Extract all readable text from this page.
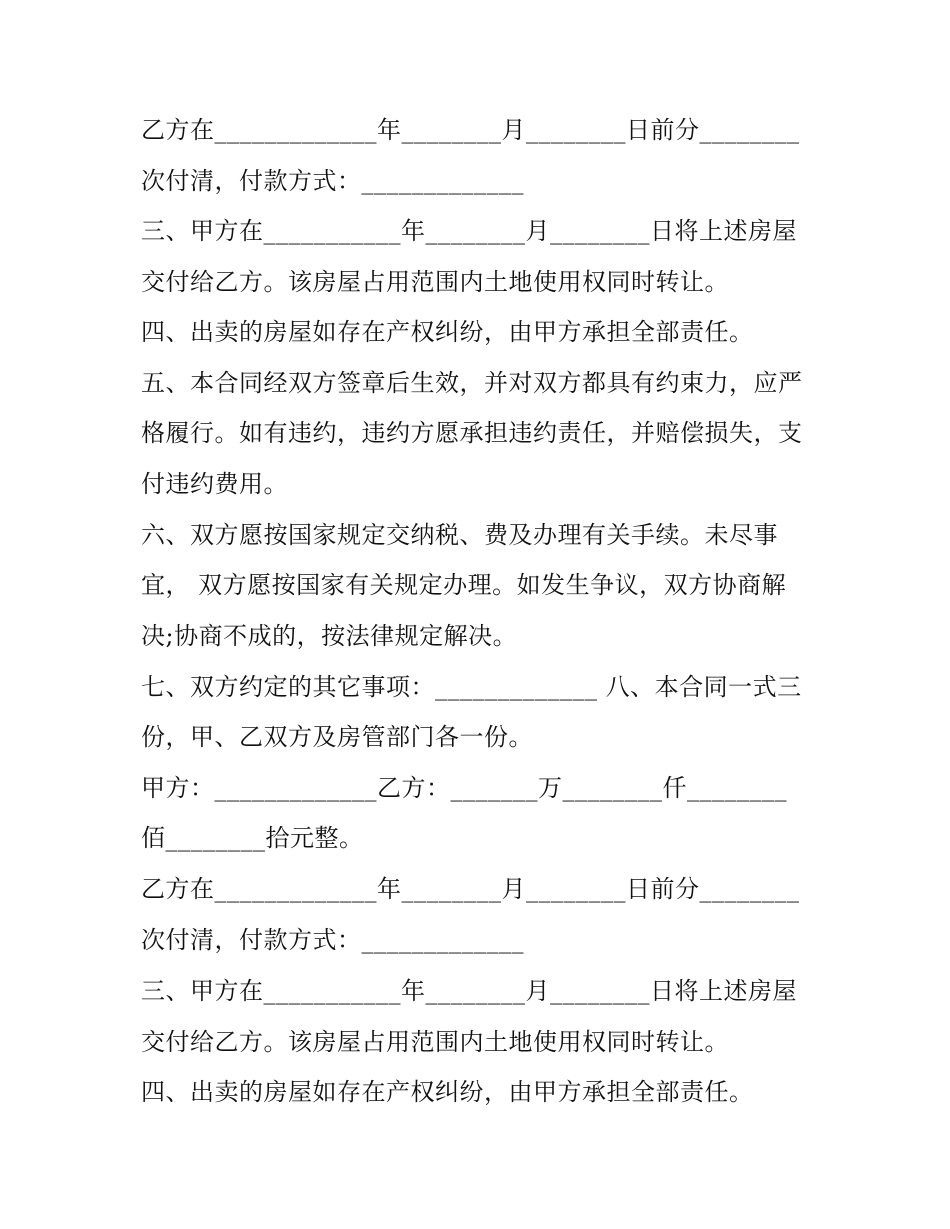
乙方在_____________年________月________日前分________
次付清，付款方式：_____________
三、甲方在___________年________月________日将上述房屋
交付给乙方。该房屋占用范围内土地使用权同时转让。
四、出卖的房屋如存在产权纠纷，由甲方承担全部责任。
五、本合同经双方签章后生效，并对双方都具有约束力，应严
格履行。如有违约，违约方愿承担违约责任，并赔偿损失，支
付违约费用。
六、双方愿按国家规定交纳税、费及办理有关手续。未尽事
宜， 双方愿按国家有关规定办理。如发生争议，双方协商解
决;协商不成的，按法律规定解决。
七、双方约定的其它事项：_____________ 八、本合同一式三
份，甲、乙双方及房管部门各一份。
甲方：_____________乙方：_______万________仟________
佰________拾元整。
乙方在_____________年________月________日前分________
次付清，付款方式：_____________
三、甲方在___________年________月________日将上述房屋
交付给乙方。该房屋占用范围内土地使用权同时转让。
四、出卖的房屋如存在产权纠纷，由甲方承担全部责任。
